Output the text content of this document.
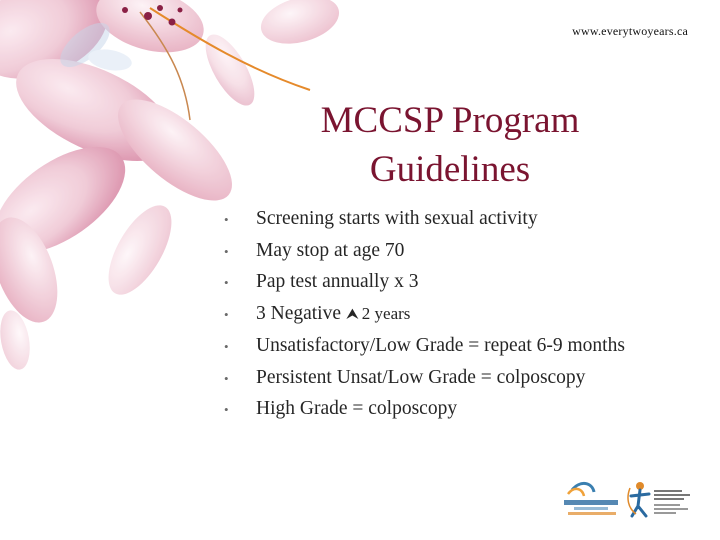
www.everytwoyears.ca
MCCSP Program
Guidelines
•	Screening starts with sexual activity
•	May stop at age 70
•	Pap test annually x 3
•	3 Negative ⮝ 2 years
•	Unsatisfactory/Low Grade = repeat 6-9 months
•	Persistent Unsat/Low Grade = colposcopy
•	High Grade = colposcopy
